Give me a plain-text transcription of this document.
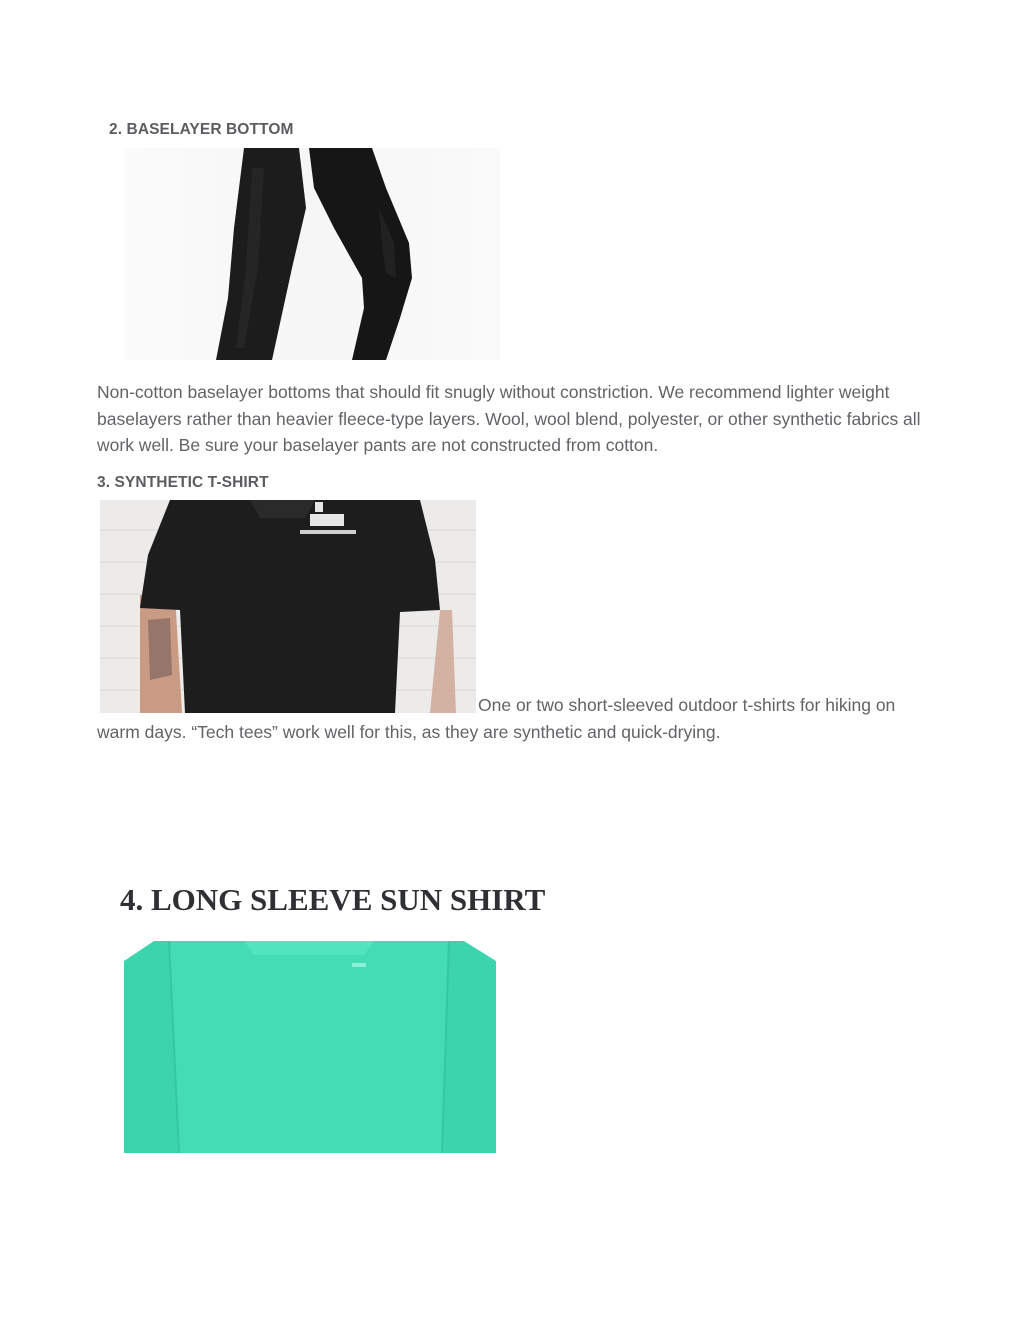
2. BASELAYER BOTTOM
Non-cotton baselayer bottoms that should fit snugly without constriction. We recommend lighter weight baselayers rather than heavier fleece-type layers. Wool, wool blend, polyester, or other synthetic fabrics all work well. Be sure your baselayer pants are not constructed from cotton.
3. SYNTHETIC T-SHIRT
One or two short-sleeved outdoor t-shirts for hiking on warm days. “Tech tees” work well for this, as they are synthetic and quick-drying.
4. LONG SLEEVE SUN SHIRT
